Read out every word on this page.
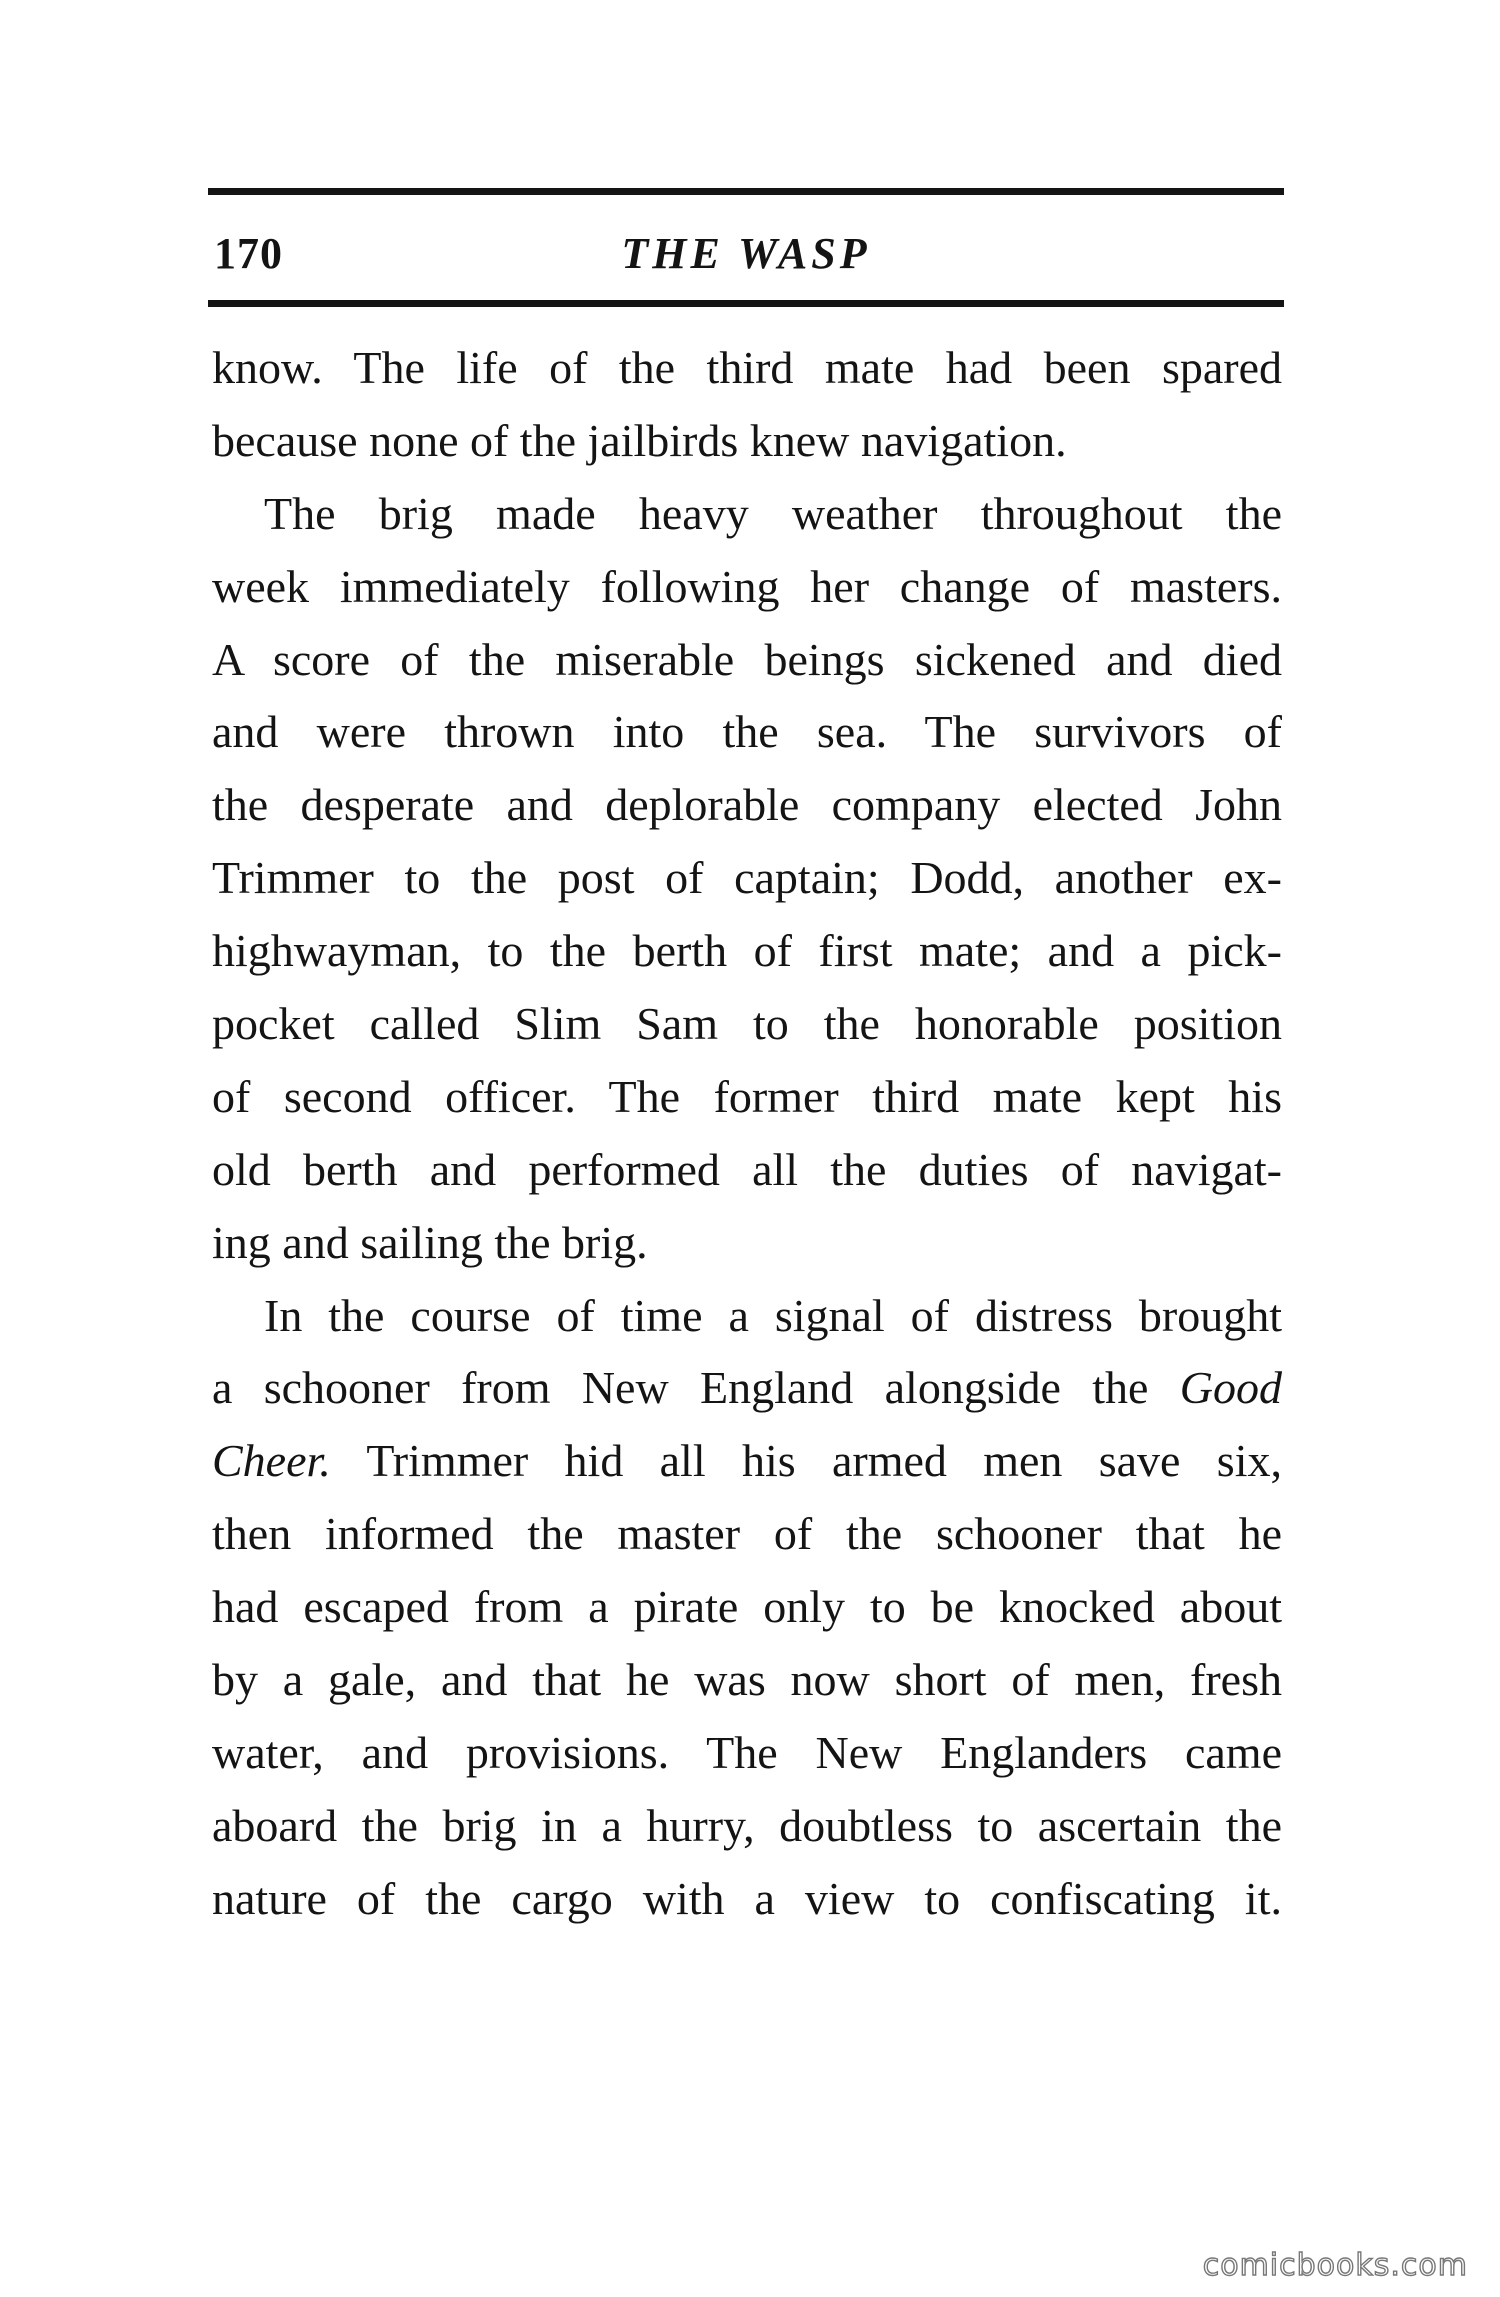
170	THE WASP
know. The life of the third mate had been spared
because none of the jailbirds knew navigation.
The brig made heavy weather throughout the
week immediately following her change of masters.
A score of the miserable beings sickened and died
and were thrown into the sea. The survivors of
the desperate and deplorable company elected John
Trimmer to the post of captain; Dodd, another ex-
highwayman, to the berth of first mate; and a pick-
pocket called Slim Sam to the honorable position
of second officer. The former third mate kept his
old berth and performed all the duties of navigat-
ing and sailing the brig.
In the course of time a signal of distress brought
a schooner from New England alongside the Good
Cheer. Trimmer hid all his armed men save six,
then informed the master of the schooner that he
had escaped from a pirate only to be knocked about
by a gale, and that he was now short of men, fresh
water, and provisions. The New Englanders came
aboard the brig in a hurry, doubtless to ascertain the
nature of the cargo with a view to confiscating it.
comicbooks.com
